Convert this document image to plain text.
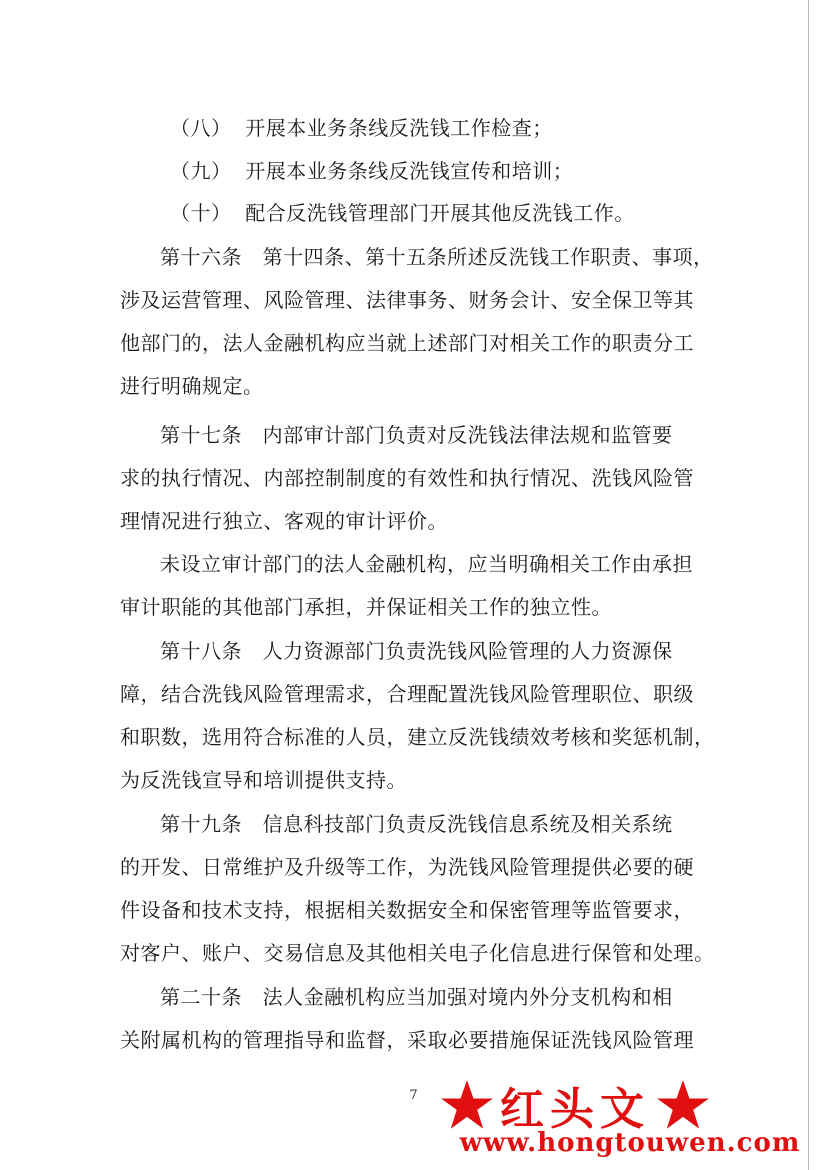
（八）  开展本业务条线反洗钱工作检查；
（九）  开展本业务条线反洗钱宣传和培训；
（十）  配合反洗钱管理部门开展其他反洗钱工作。
第十六条   第十四条、第十五条所述反洗钱工作职责、事项，
涉及运营管理、风险管理、法律事务、财务会计、安全保卫等其
他部门的，法人金融机构应当就上述部门对相关工作的职责分工
进行明确规定。
第十七条   内部审计部门负责对反洗钱法律法规和监管要
求的执行情况、内部控制制度的有效性和执行情况、洗钱风险管
理情况进行独立、客观的审计评价。
未设立审计部门的法人金融机构，应当明确相关工作由承担
审计职能的其他部门承担，并保证相关工作的独立性。
第十八条   人力资源部门负责洗钱风险管理的人力资源保
障，结合洗钱风险管理需求，合理配置洗钱风险管理职位、职级
和职数，选用符合标准的人员，建立反洗钱绩效考核和奖惩机制，
为反洗钱宣导和培训提供支持。
第十九条   信息科技部门负责反洗钱信息系统及相关系统
的开发、日常维护及升级等工作，为洗钱风险管理提供必要的硬
件设备和技术支持，根据相关数据安全和保密管理等监管要求，
对客户、账户、交易信息及其他相关电子化信息进行保管和处理。
第二十条   法人金融机构应当加强对境内外分支机构和相
关附属机构的管理指导和监督，采取必要措施保证洗钱风险管理
7	红头文
www.hongtouwen.com
